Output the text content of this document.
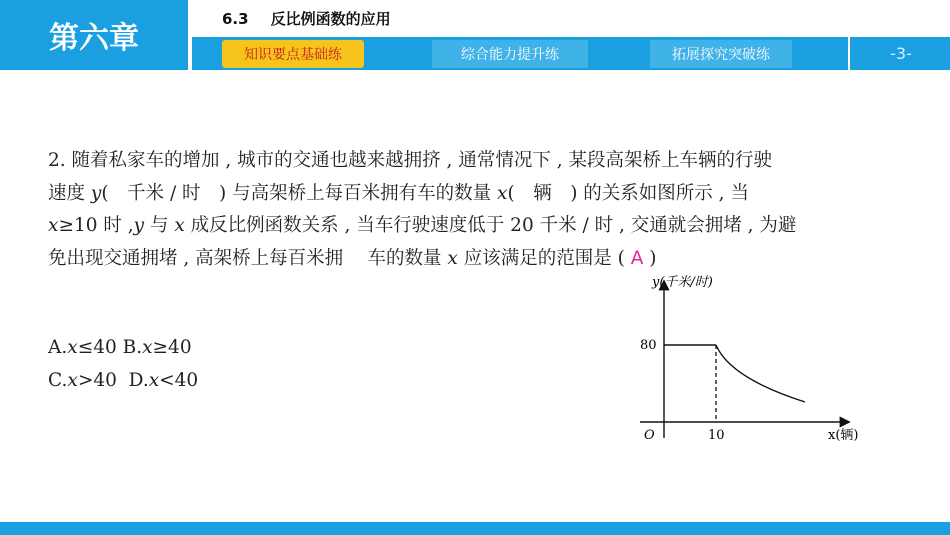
第六章
6.3 反比例函数的应用
知识要点基础练	综合能力提升练	拓展探究突破练	-3-
2. 随着私家车的增加 , 城市的交通也越来越拥挤 , 通常情况下 , 某段高架桥上车辆的行驶
速度 y(　千米 / 时　) 与高架桥上每百米拥有车的数量 x(　辆　) 的关系如图所示 , 当
x≥10 时 ,y 与 x 成反比例函数关系 , 当车行驶速度低于 20 千米 / 时 , 交通就会拥堵 , 为避
免出现交通拥堵 , 高架桥上每百米拥　 车的数量 x 应该满足的范围是 ( A )
A.x≤40 B.x≥40
C.x>40 D.x<40
y(千米/时)
80
O	10	x(辆)
